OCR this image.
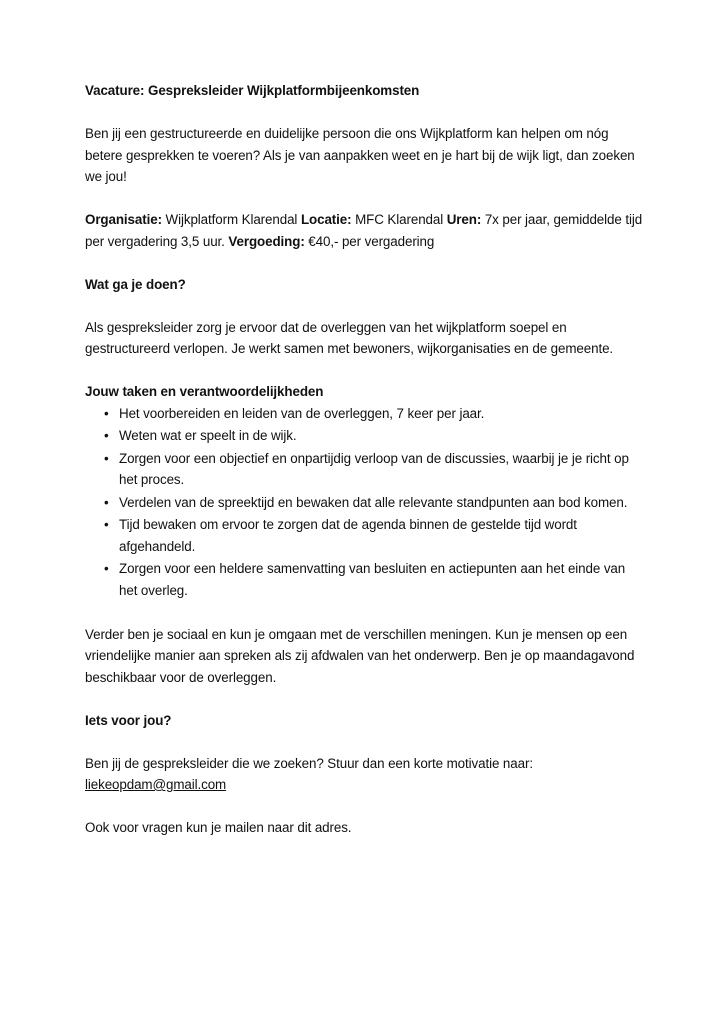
Vacature: Gespreksleider Wijkplatformbijeenkomsten

Ben jij een gestructureerde en duidelijke persoon die ons Wijkplatform kan helpen om nóg betere gesprekken te voeren? Als je van aanpakken weet en je hart bij de wijk ligt, dan zoeken we jou!

Organisatie: Wijkplatform Klarendal Locatie: MFC Klarendal Uren: 7x per jaar, gemiddelde tijd per vergadering 3,5 uur. Vergoeding: €40,- per vergadering

Wat ga je doen?

Als gespreksleider zorg je ervoor dat de overleggen van het wijkplatform soepel en gestructureerd verlopen. Je werkt samen met bewoners, wijkorganisaties en de gemeente.

Jouw taken en verantwoordelijkheden

• Het voorbereiden en leiden van de overleggen, 7 keer per jaar.
• Weten wat er speelt in de wijk.
• Zorgen voor een objectief en onpartijdig verloop van de discussies, waarbij je je richt op het proces.
• Verdelen van de spreektijd en bewaken dat alle relevante standpunten aan bod komen.
• Tijd bewaken om ervoor te zorgen dat de agenda binnen de gestelde tijd wordt afgehandeld.
• Zorgen voor een heldere samenvatting van besluiten en actiepunten aan het einde van het overleg.

Verder ben je sociaal en kun je omgaan met de verschillen meningen. Kun je mensen op een vriendelijke manier aan spreken als zij afdwalen van het onderwerp. Ben je op maandagavond beschikbaar voor de overleggen.

Iets voor jou?

Ben jij de gespreksleider die we zoeken? Stuur dan een korte motivatie naar:

liekeopdam@gmail.com

Ook voor vragen kun je mailen naar dit adres.
